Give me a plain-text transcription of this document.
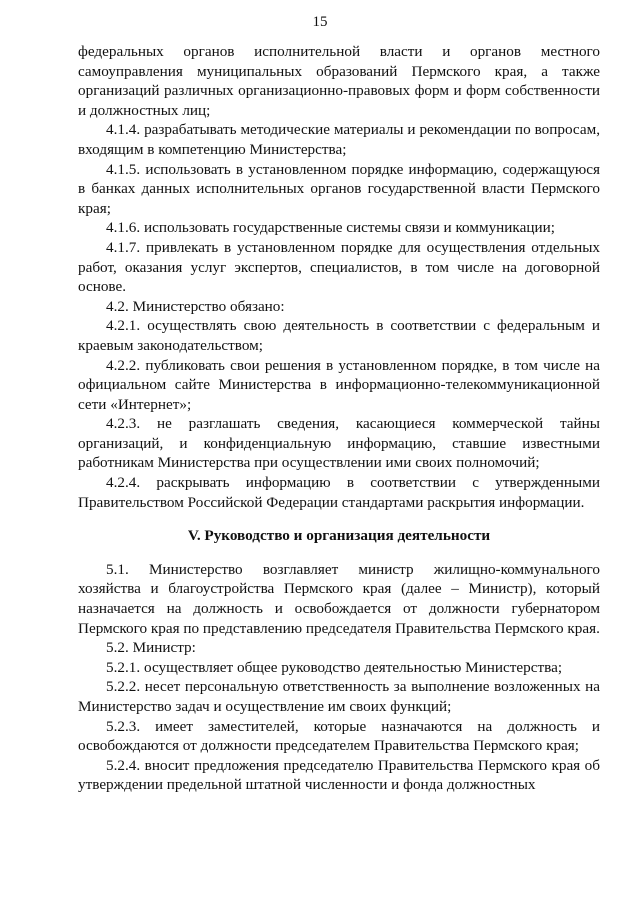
15

федеральных органов исполнительной власти и органов местного самоуправления муниципальных образований Пермского края, а также организаций различных организационно-правовых форм и форм собственности и должностных лиц;

4.1.4. разрабатывать методические материалы и рекомендации по вопросам, входящим в компетенцию Министерства;

4.1.5. использовать в установленном порядке информацию, содержащуюся в банках данных исполнительных органов государственной власти Пермского края;

4.1.6. использовать государственные системы связи и коммуникации;

4.1.7. привлекать в установленном порядке для осуществления отдельных работ, оказания услуг экспертов, специалистов, в том числе на договорной основе.

4.2. Министерство обязано:

4.2.1. осуществлять свою деятельность в соответствии с федеральным и краевым законодательством;

4.2.2. публиковать свои решения в установленном порядке, в том числе на официальном сайте Министерства в информационно-телекоммуникационной сети «Интернет»;

4.2.3. не разглашать сведения, касающиеся коммерческой тайны организаций, и конфиденциальную информацию, ставшие известными работникам Министерства при осуществлении ими своих полномочий;

4.2.4. раскрывать информацию в соответствии с утвержденными Правительством Российской Федерации стандартами раскрытия информации.

V. Руководство и организация деятельности

5.1. Министерство возглавляет министр жилищно-коммунального хозяйства и благоустройства Пермского края (далее – Министр), который назначается на должность и освобождается от должности губернатором Пермского края по представлению председателя Правительства Пермского края.

5.2. Министр:

5.2.1. осуществляет общее руководство деятельностью Министерства;

5.2.2. несет персональную ответственность за выполнение возложенных на Министерство задач и осуществление им своих функций;

5.2.3. имеет заместителей, которые назначаются на должность и освобождаются от должности председателем Правительства Пермского края;

5.2.4. вносит предложения председателю Правительства Пермского края об утверждении предельной штатной численности и фонда должностных
